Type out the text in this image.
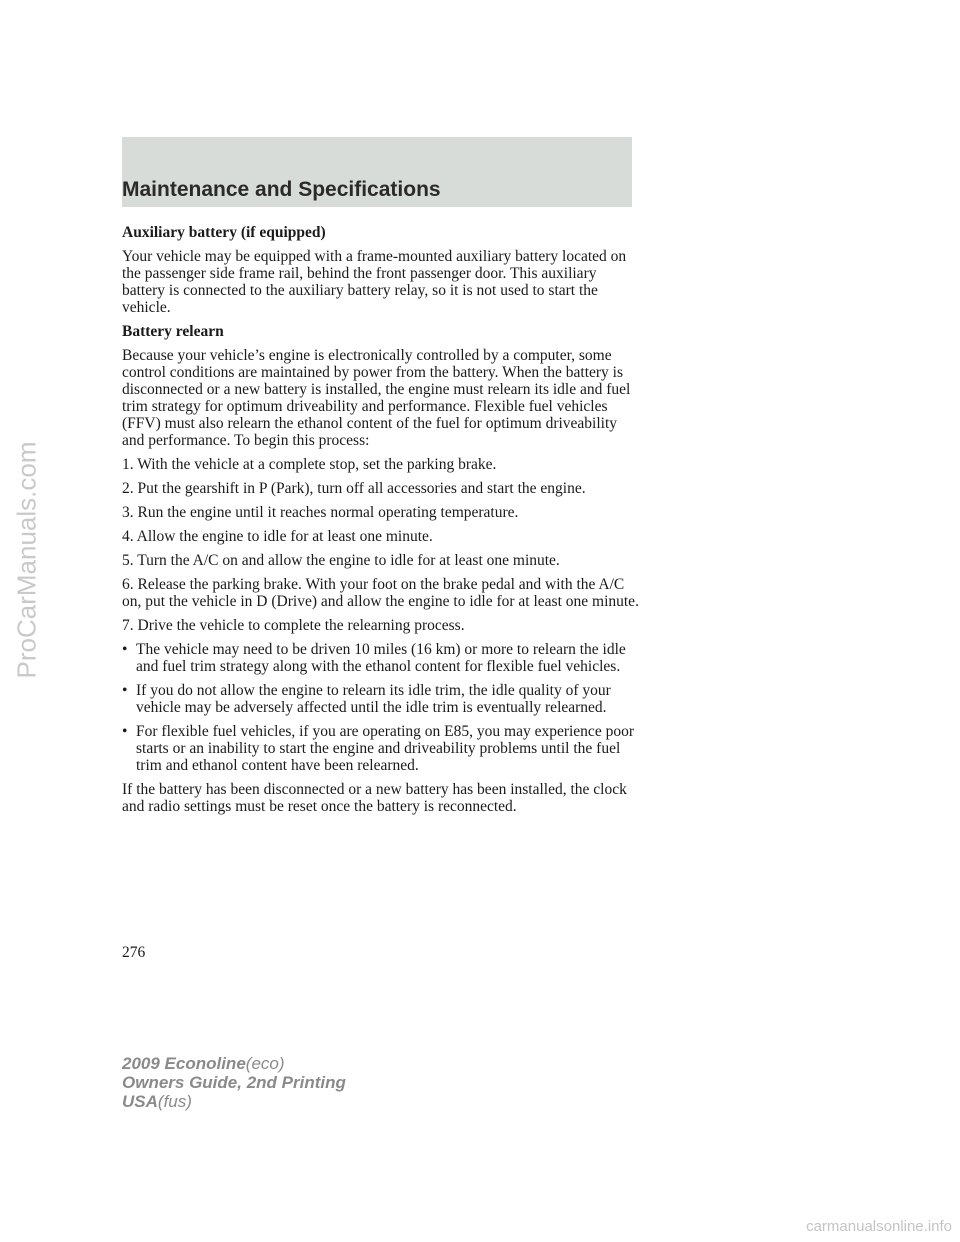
Maintenance and Specifications
Auxiliary battery (if equipped)

Your vehicle may be equipped with a frame-mounted auxiliary battery located on the passenger side frame rail, behind the front passenger door. This auxiliary battery is connected to the auxiliary battery relay, so it is not used to start the vehicle.

Battery relearn

Because your vehicle’s engine is electronically controlled by a computer, some control conditions are maintained by power from the battery. When the battery is disconnected or a new battery is installed, the engine must relearn its idle and fuel trim strategy for optimum driveability and performance. Flexible fuel vehicles (FFV) must also relearn the ethanol content of the fuel for optimum driveability and performance. To begin this process:

1. With the vehicle at a complete stop, set the parking brake.

2. Put the gearshift in P (Park), turn off all accessories and start the engine.

3. Run the engine until it reaches normal operating temperature.

4. Allow the engine to idle for at least one minute.

5. Turn the A/C on and allow the engine to idle for at least one minute.

6. Release the parking brake. With your foot on the brake pedal and with the A/C on, put the vehicle in D (Drive) and allow the engine to idle for at least one minute.

7. Drive the vehicle to complete the relearning process.

• The vehicle may need to be driven 10 miles (16 km) or more to relearn the idle and fuel trim strategy along with the ethanol content for flexible fuel vehicles.
• If you do not allow the engine to relearn its idle trim, the idle quality of your vehicle may be adversely affected until the idle trim is eventually relearned.
• For flexible fuel vehicles, if you are operating on E85, you may experience poor starts or an inability to start the engine and driveability problems until the fuel trim and ethanol content have been relearned.

If the battery has been disconnected or a new battery has been installed, the clock and radio settings must be reset once the battery is reconnected.

276
2009 Econoline(eco)
Owners Guide, 2nd Printing
USA(fus)
ProCarManuals.com
carmanualsonline.info
